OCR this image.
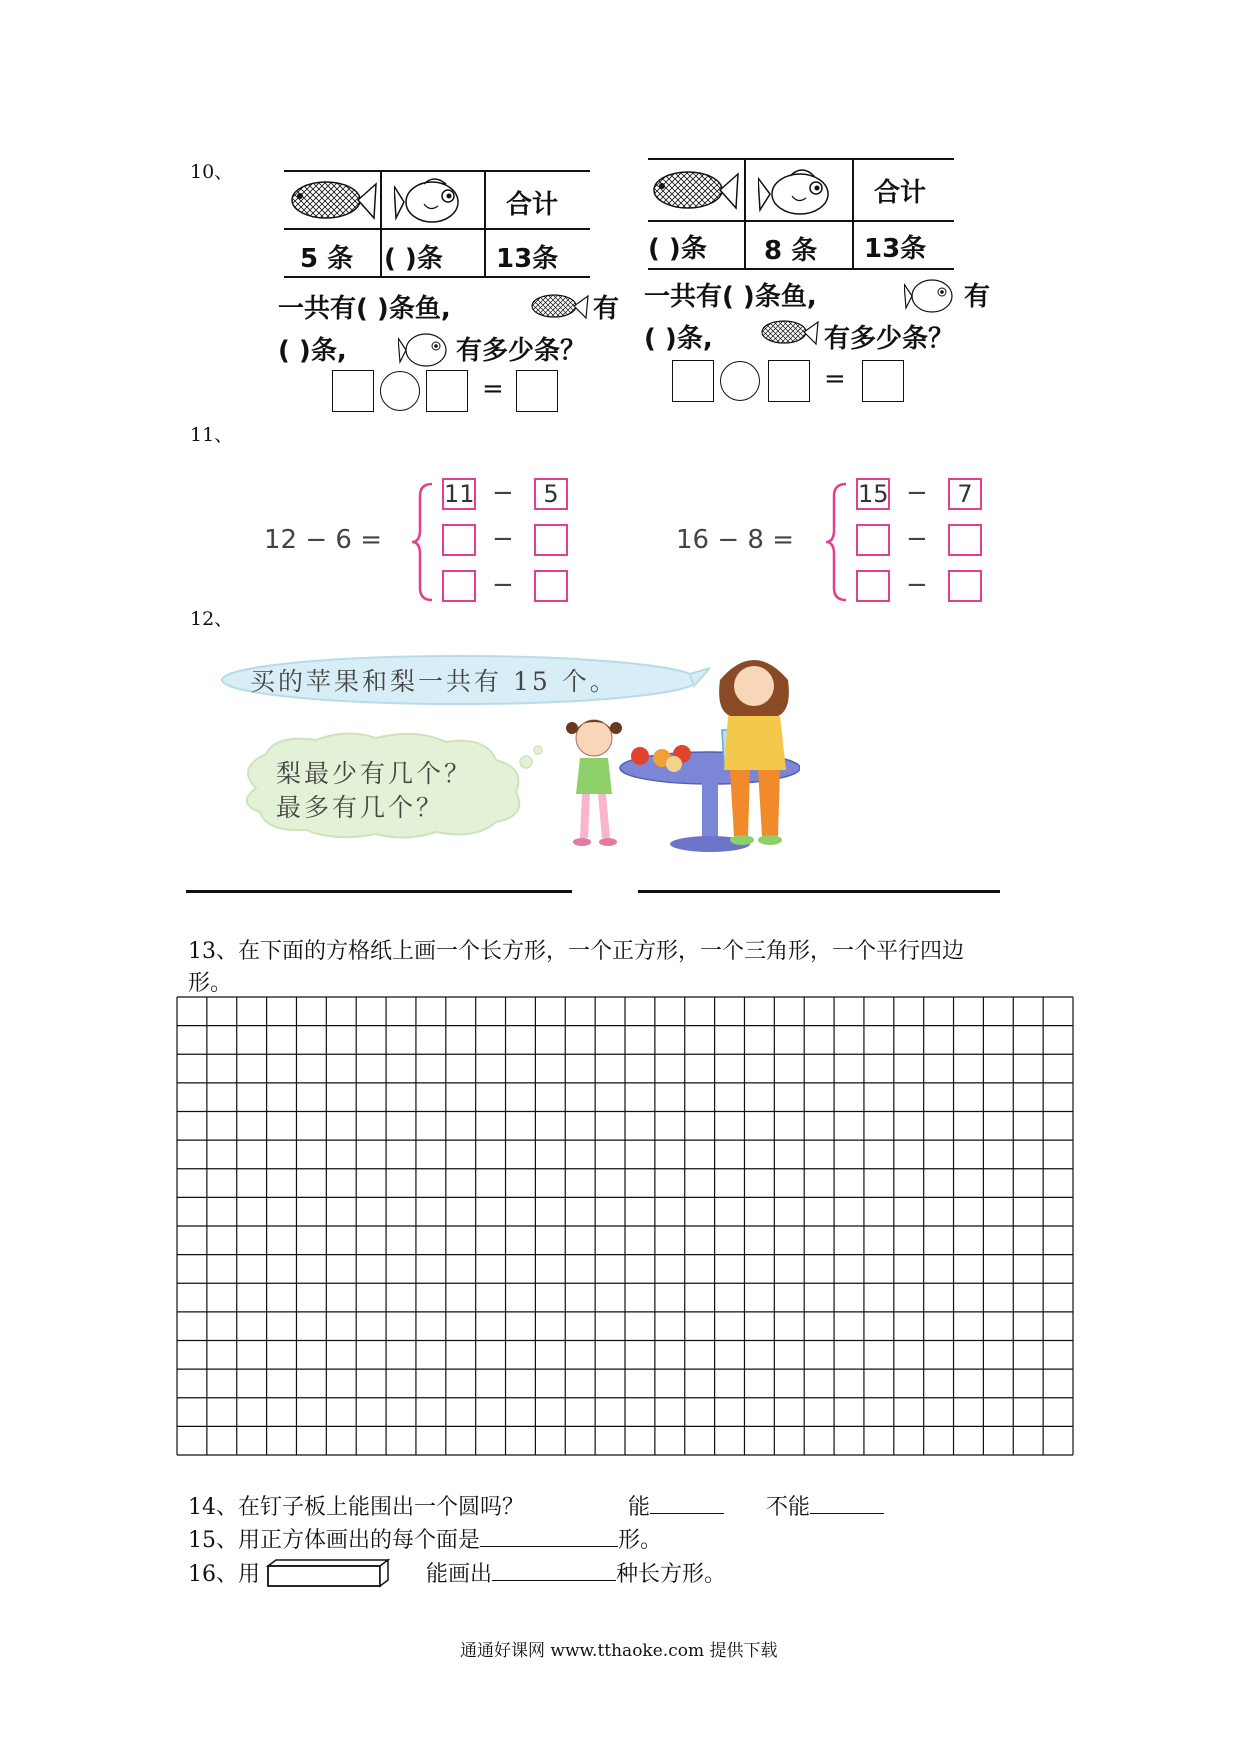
10、
合计
5 条 ( )条 13条
一共有( )条鱼,	有
( )条,	有多少条？
=
合计
( )条 8 条 13条
一共有( )条鱼,	有
( )条,	有多少条？
=
11、
12 − 6 =
11 −	5
−
−
16 − 8 =
15 −	7
−
−
12、
买的苹果和梨一共有 15 个。
梨最少有几个？
最多有几个？
13、在下面的方格纸上画一个长方形，一个正方形，一个三角形，一个平行四边
形。
14、在钉子板上能围出一个圆吗？	能	不能
15、用正方体画出的每个面是	形。
16、用	能画出	种长方形。
通通好课网 www.tthaoke.com 提供下载
